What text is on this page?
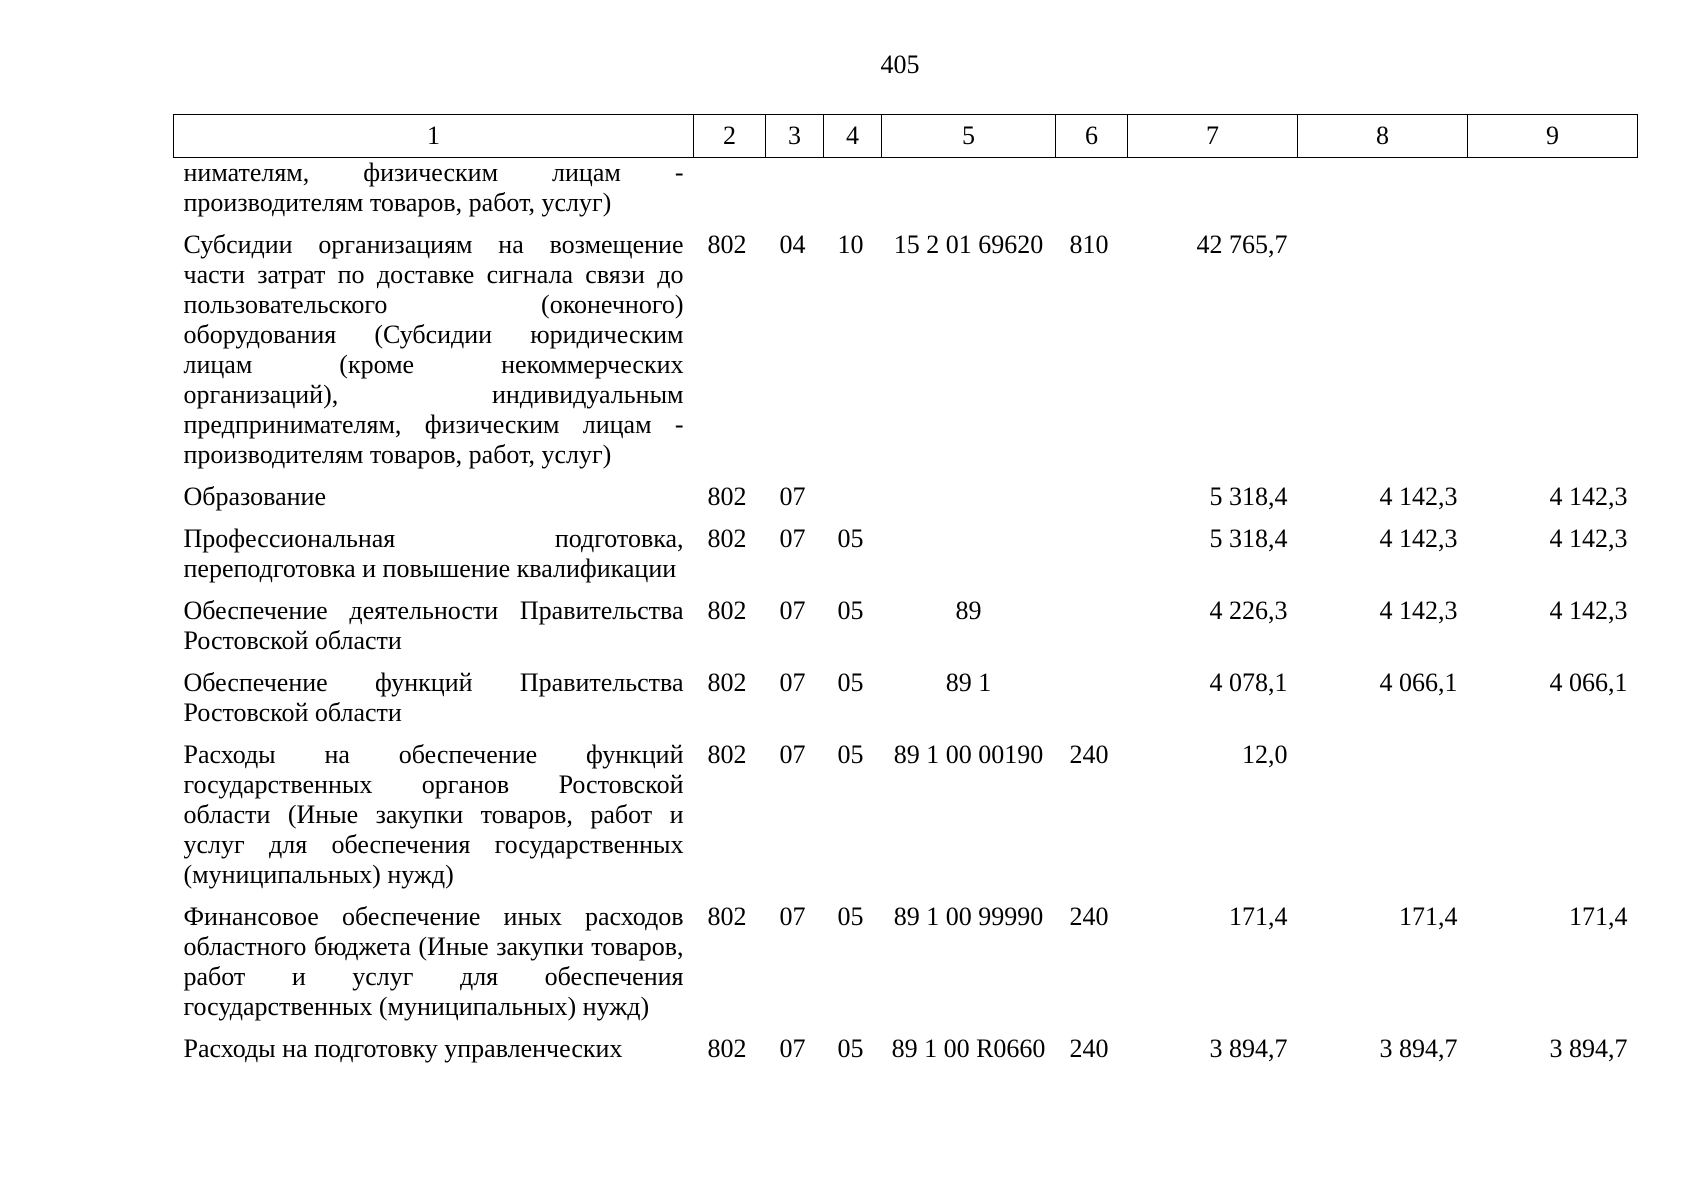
405
1	2	3	4	5	6	7	8	9
нимателям, физическим лицам - производителям товаров, работ, услуг)								
Субсидии организациям на возмещение части затрат по доставке сигнала связи до пользовательского (оконечного) оборудования (Субсидии юридическим лицам (кроме некоммерческих организаций), индивидуальным предпринимателям, физическим лицам - производителям товаров, работ, услуг)	802	04	10	15 2 01 69620	810	42 765,7		
Образование	802	07				5 318,4	4 142,3	4 142,3
Профессиональная подготовка, переподготовка и повышение квалификации	802	07	05			5 318,4	4 142,3	4 142,3
Обеспечение деятельности Правительства Ростовской области	802	07	05	89		4 226,3	4 142,3	4 142,3
Обеспечение функций Правительства Ростовской области	802	07	05	89 1		4 078,1	4 066,1	4 066,1
Расходы на обеспечение функций государственных органов Ростовской области (Иные закупки товаров, работ и услуг для обеспечения государственных (муниципальных) нужд)	802	07	05	89 1 00 00190	240	12,0		
Финансовое обеспечение иных расходов областного бюджета (Иные закупки товаров, работ и услуг для обеспечения государственных (муниципальных) нужд)	802	07	05	89 1 00 99990	240	171,4	171,4	171,4
Расходы на подготовку управленческих	802	07	05	89 1 00 R0660	240	3 894,7	3 894,7	3 894,7
